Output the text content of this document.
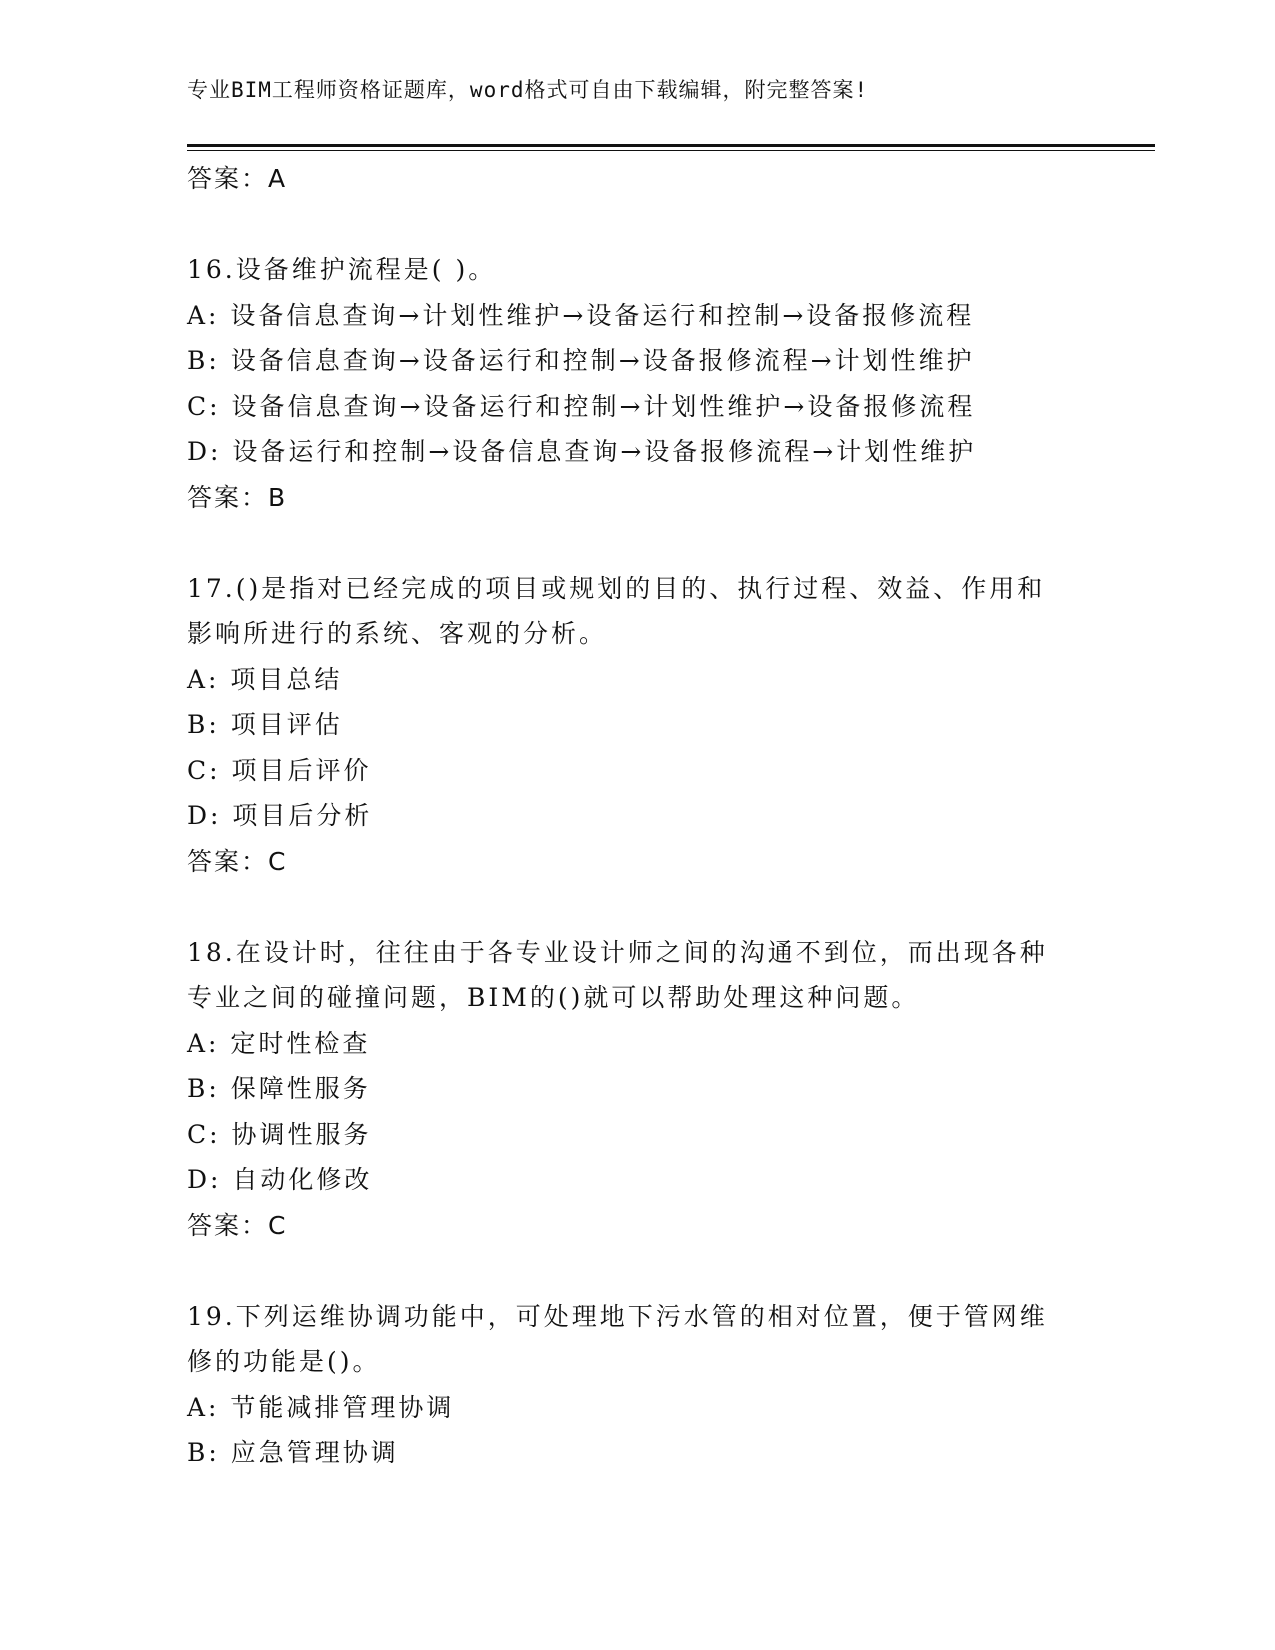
专业BIM工程师资格证题库，word格式可自由下载编辑，附完整答案!
答案：A
16.设备维护流程是( )。
A: 设备信息查询→计划性维护→设备运行和控制→设备报修流程
B: 设备信息查询→设备运行和控制→设备报修流程→计划性维护
C: 设备信息查询→设备运行和控制→计划性维护→设备报修流程
D: 设备运行和控制→设备信息查询→设备报修流程→计划性维护
答案：B
17.()是指对已经完成的项目或规划的目的、执行过程、效益、作用和影响所进行的系统、客观的分析。
A: 项目总结
B: 项目评估
C: 项目后评价
D: 项目后分析
答案：C
18.在设计时，往往由于各专业设计师之间的沟通不到位，而出现各种专业之间的碰撞问题，BIM的()就可以帮助处理这种问题。
A: 定时性检查
B: 保障性服务
C: 协调性服务
D: 自动化修改
答案：C
19.下列运维协调功能中，可处理地下污水管的相对位置，便于管网维修的功能是()。
A: 节能减排管理协调
B: 应急管理协调
